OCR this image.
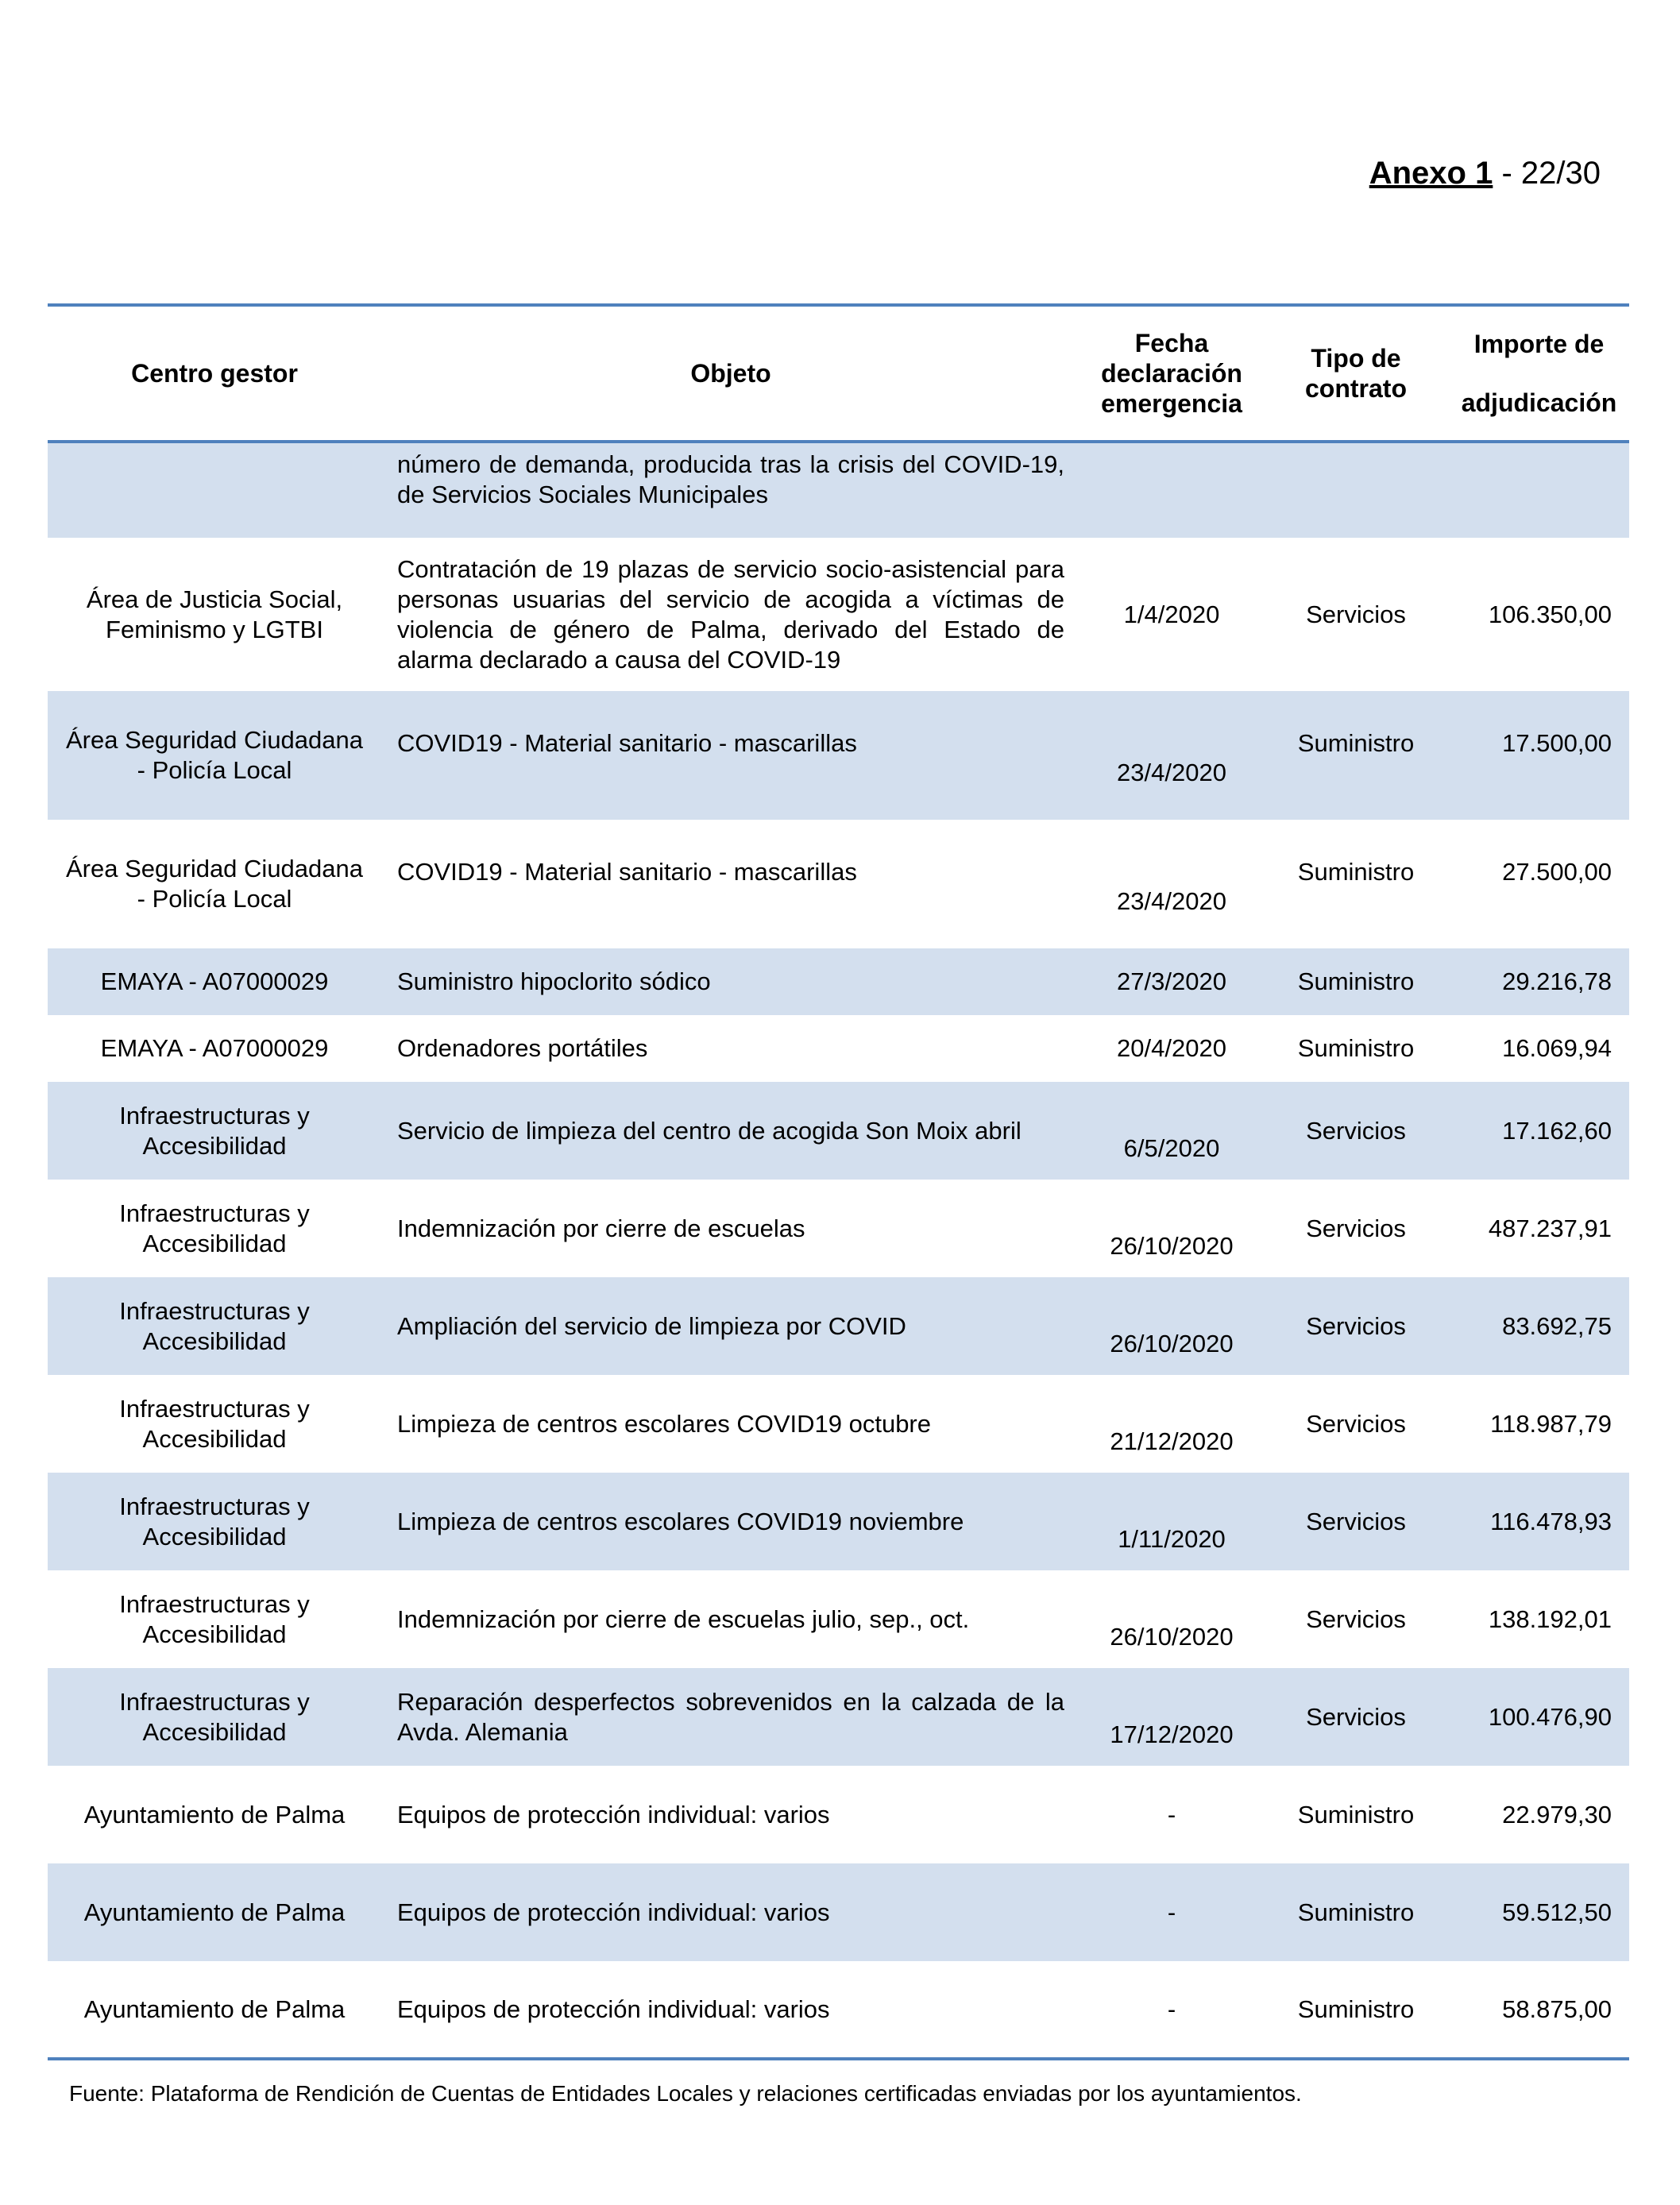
Anexo 1 - 22/30
Centro gestor	Objeto	Fecha declaración emergencia	Tipo de contrato	Importe de
adjudicación
	número de demanda, producida tras la crisis del COVID-19, de Servicios Sociales Municipales			
Área de Justicia Social, Feminismo y LGTBI	Contratación de 19 plazas de servicio socio-asistencial para personas usuarias del servicio de acogida a víctimas de violencia de género de Palma, derivado del Estado de alarma declarado a causa del COVID-19	1/4/2020	Servicios	106.350,00
Área Seguridad Ciudadana - Policía Local	COVID19 - Material sanitario - mascarillas	23/4/2020	Suministro	17.500,00

Área Seguridad Ciudadana - Policía Local	COVID19 - Material sanitario - mascarillas	23/4/2020	Suministro	27.500,00

EMAYA - A07000029	Suministro hipoclorito sódico	27/3/2020	Suministro	29.216,78
EMAYA - A07000029	Ordenadores portátiles	20/4/2020	Suministro	16.069,94
Infraestructuras y Accesibilidad	Servicio de limpieza del centro de acogida Son Moix abril	6/5/2020	Servicios	17.162,60
Infraestructuras y Accesibilidad	Indemnización por cierre de escuelas	26/10/2020	Servicios	487.237,91
Infraestructuras y Accesibilidad	Ampliación del servicio de limpieza por COVID	26/10/2020	Servicios	83.692,75
Infraestructuras y Accesibilidad	Limpieza de centros escolares COVID19 octubre	21/12/2020	Servicios	118.987,79
Infraestructuras y Accesibilidad	Limpieza de centros escolares COVID19 noviembre	1/11/2020	Servicios	116.478,93
Infraestructuras y Accesibilidad	Indemnización por cierre de escuelas julio, sep., oct.	26/10/2020	Servicios	138.192,01
Infraestructuras y Accesibilidad	Reparación desperfectos sobrevenidos en la calzada de la Avda. Alemania	17/12/2020	Servicios	100.476,90
Ayuntamiento de Palma	Equipos de protección individual: varios	-	Suministro	22.979,30
Ayuntamiento de Palma	Equipos de protección individual: varios	-	Suministro	59.512,50
Ayuntamiento de Palma	Equipos de protección individual: varios	-	Suministro	58.875,00
Fuente: Plataforma de Rendición de Cuentas de Entidades Locales y relaciones certificadas enviadas por los ayuntamientos.
